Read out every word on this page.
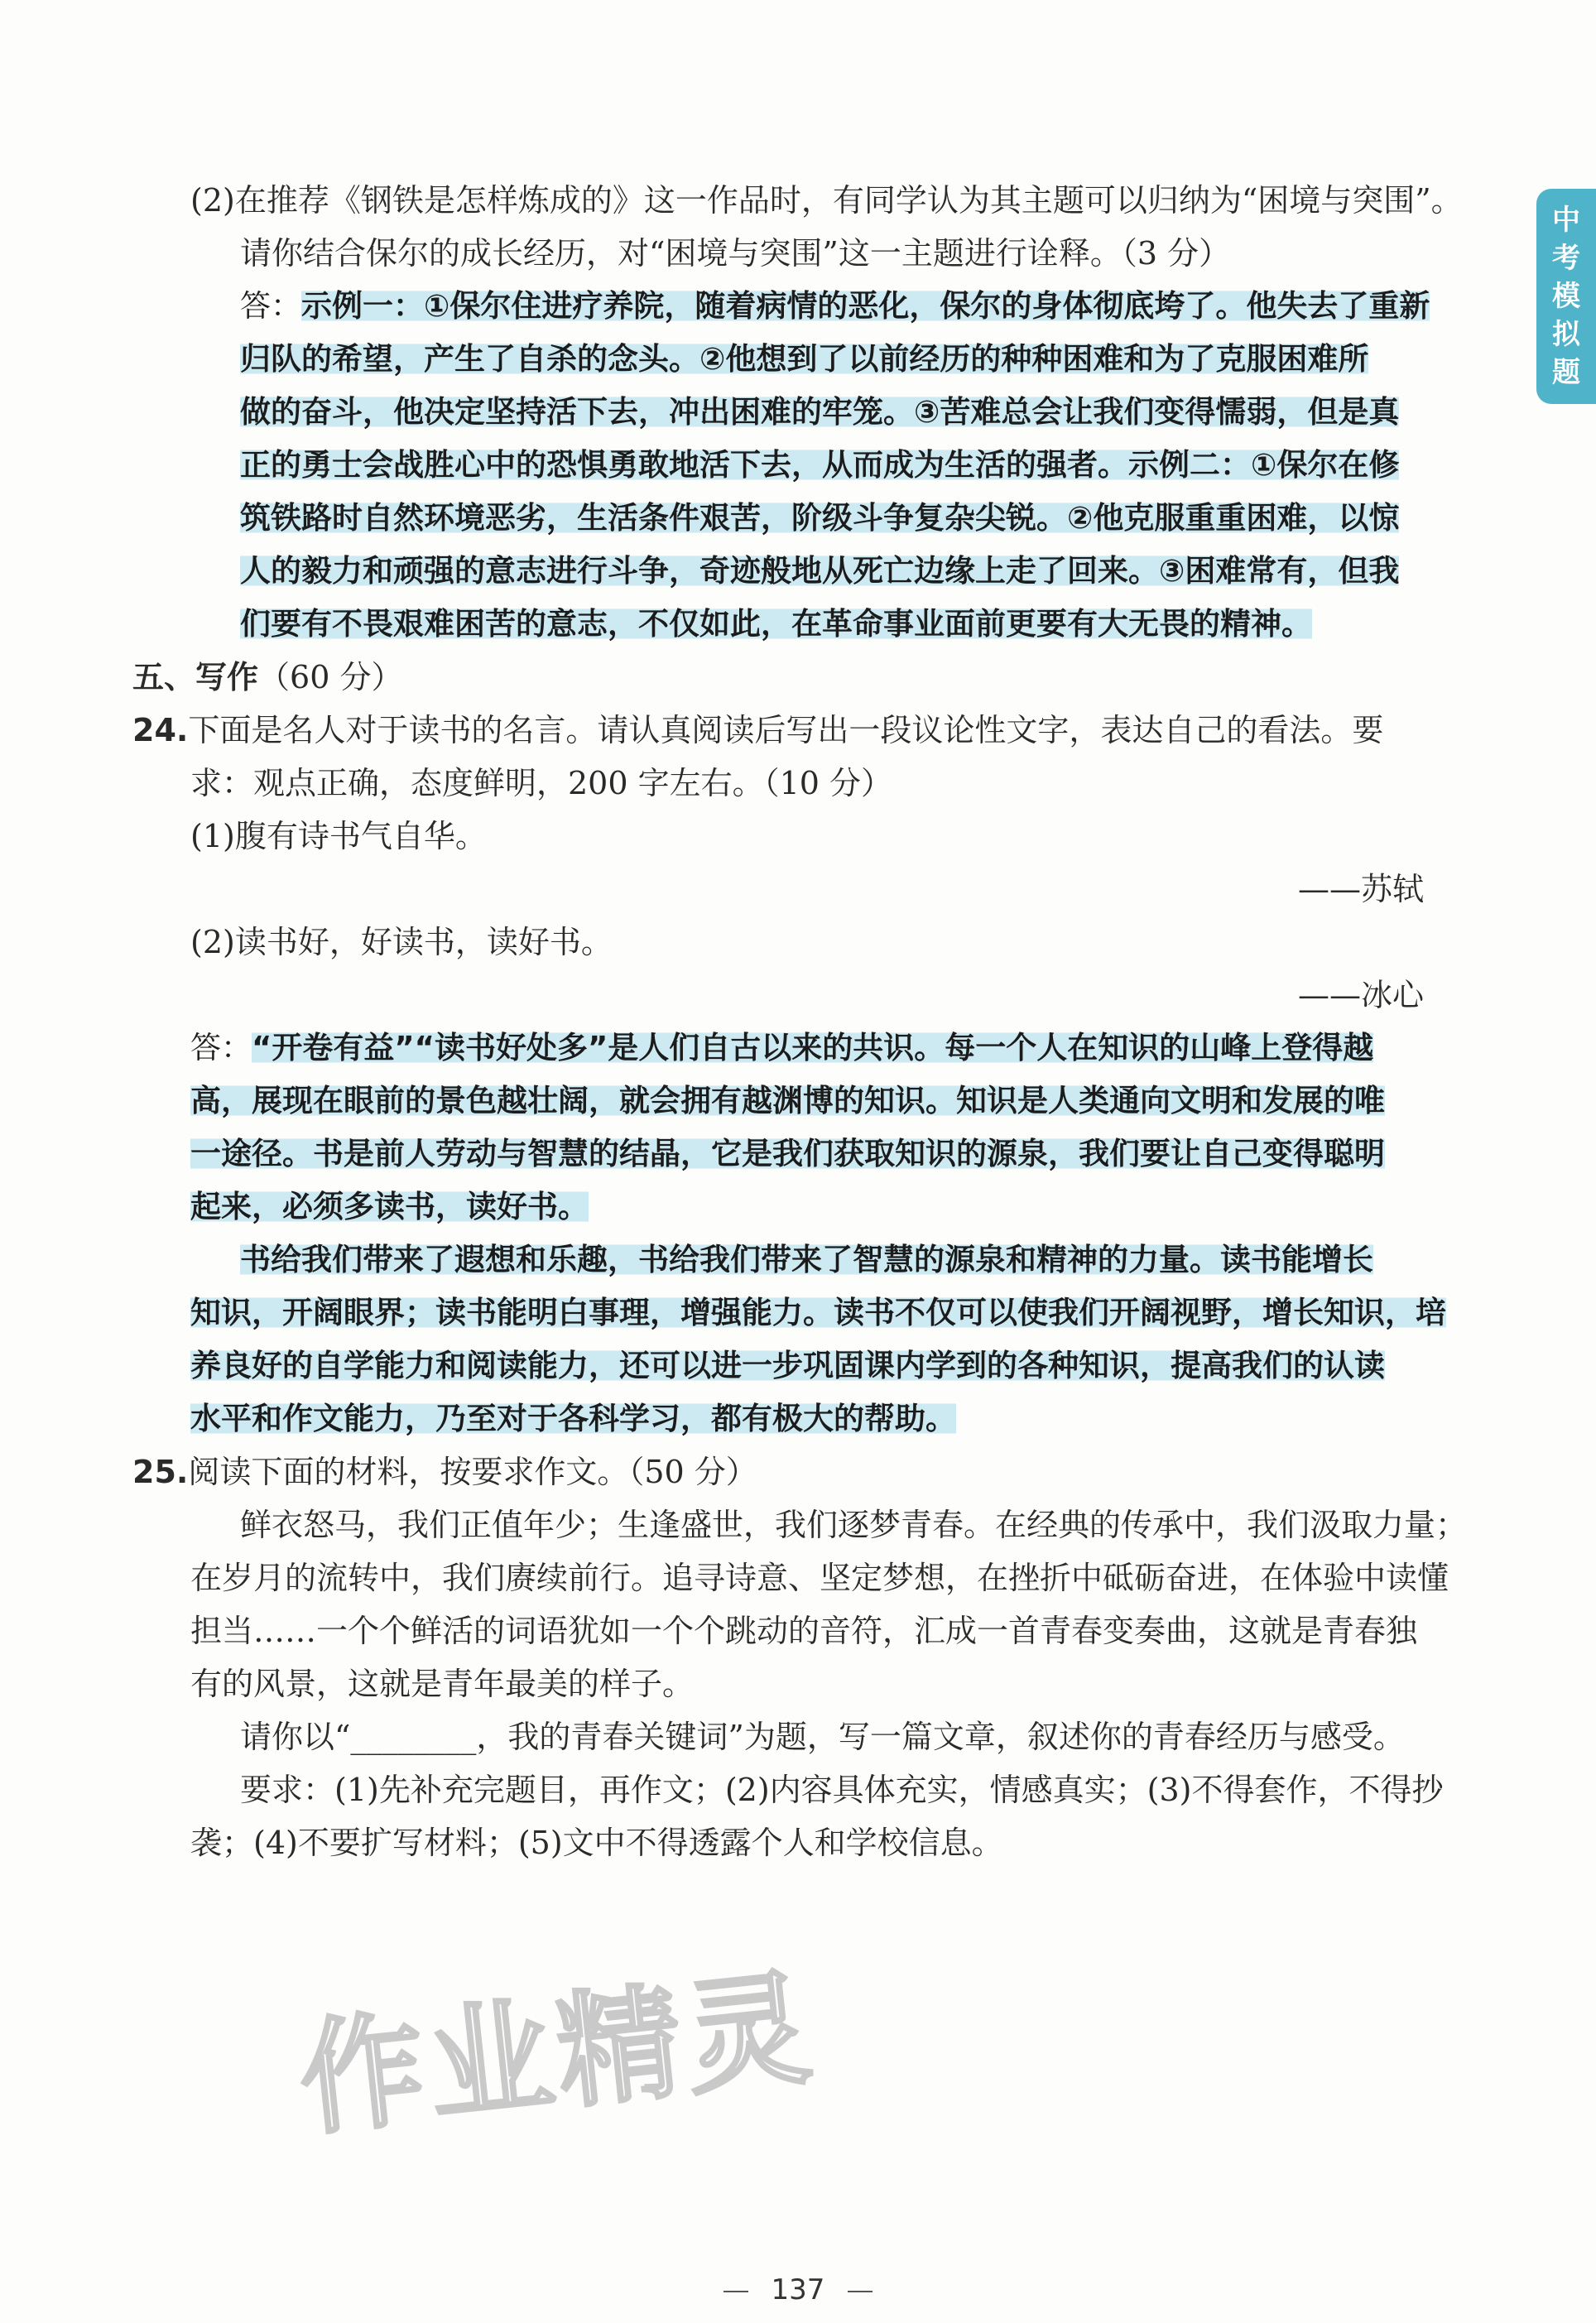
中
考
模
拟
题
(2)在推荐《钢铁是怎样炼成的》这一作品时，有同学认为其主题可以归纳为“困境与突围”。
请你结合保尔的成长经历，对“困境与突围”这一主题进行诠释。（3 分）
答：示例一：①保尔住进疗养院，随着病情的恶化，保尔的身体彻底垮了。他失去了重新
归队的希望，产生了自杀的念头。②他想到了以前经历的种种困难和为了克服困难所
做的奋斗，他决定坚持活下去，冲出困难的牢笼。③苦难总会让我们变得懦弱，但是真
正的勇士会战胜心中的恐惧勇敢地活下去，从而成为生活的强者。示例二：①保尔在修
筑铁路时自然环境恶劣，生活条件艰苦，阶级斗争复杂尖锐。②他克服重重困难，以惊
人的毅力和顽强的意志进行斗争，奇迹般地从死亡边缘上走了回来。③困难常有，但我
们要有不畏艰难困苦的意志，不仅如此，在革命事业面前更要有大无畏的精神。
五、写作（60 分）
24.下面是名人对于读书的名言。请认真阅读后写出一段议论性文字，表达自己的看法。要
求：观点正确，态度鲜明，200 字左右。（10 分）
(1)腹有诗书气自华。
——苏轼
(2)读书好，好读书，读好书。
——冰心
答：“开卷有益”“读书好处多”是人们自古以来的共识。每一个人在知识的山峰上登得越
高，展现在眼前的景色越壮阔，就会拥有越渊博的知识。知识是人类通向文明和发展的唯
一途径。书是前人劳动与智慧的结晶，它是我们获取知识的源泉，我们要让自己变得聪明
起来，必须多读书，读好书。
书给我们带来了遐想和乐趣，书给我们带来了智慧的源泉和精神的力量。读书能增长
知识，开阔眼界；读书能明白事理，增强能力。读书不仅可以使我们开阔视野，增长知识，培
养良好的自学能力和阅读能力，还可以进一步巩固课内学到的各种知识，提高我们的认读
水平和作文能力，乃至对于各科学习，都有极大的帮助。
25.阅读下面的材料，按要求作文。（50 分）
鲜衣怒马，我们正值年少；生逢盛世，我们逐梦青春。在经典的传承中，我们汲取力量；
在岁月的流转中，我们赓续前行。追寻诗意、坚定梦想，在挫折中砥砺奋进，在体验中读懂
担当……一个个鲜活的词语犹如一个个跳动的音符，汇成一首青春变奏曲，这就是青春独
有的风景，这就是青年最美的样子。
请你以“________，我的青春关键词”为题，写一篇文章，叙述你的青春经历与感受。
要求：(1)先补充完题目，再作文；(2)内容具体充实，情感真实；(3)不得套作，不得抄
袭；(4)不要扩写材料；(5)文中不得透露个人和学校信息。
作业精灵
137
